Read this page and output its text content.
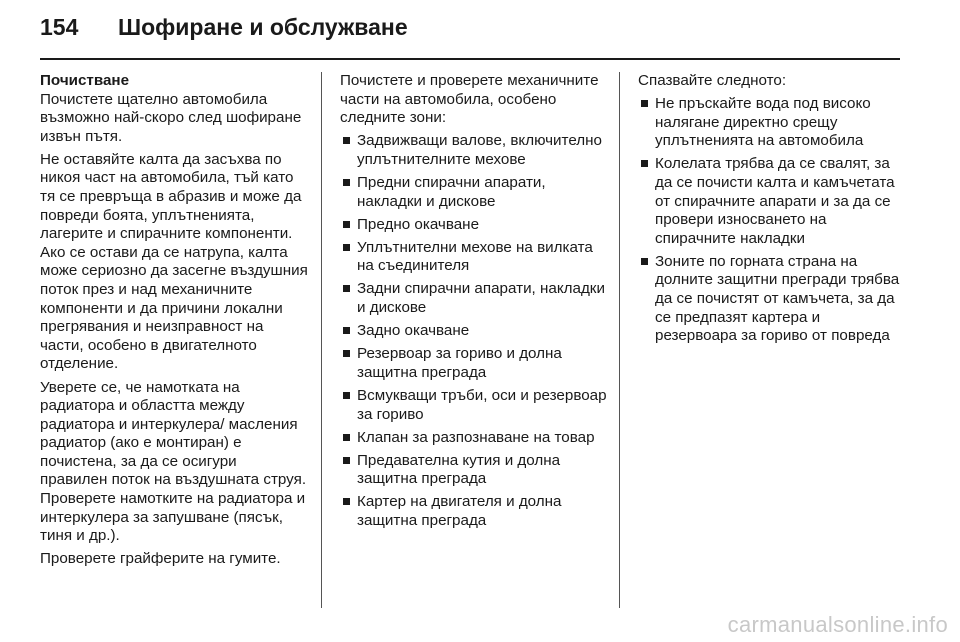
154	Шофиране и обслужване
Почистване

Почистете щателно автомобила възможно най-скоро след шофиране извън пътя.

Не оставяйте калта да засъхва по никоя част на автомобила, тъй като тя се превръща в абразив и може да повреди боята, уплътненията, лагерите и спирачните компоненти. Ако се остави да се натрупа, калта може сериозно да засегне въздушния поток през и над механичните компоненти и да причини локални прегрявания и неизправност на части, особено в двигателното отделение.

Уверете се, че намотката на радиатора и областта между радиатора и интеркулера/ масления радиатор (ако е монтиран) е почистена, за да се осигури правилен поток на въздушната струя. Проверете намотките на радиатора и интеркулера за запушване (пясък, тиня и др.).

Проверете грайферите на гумите.

Почистете и проверете механичните части на автомобила, особено следните зони:

Задвижващи валове, включително уплътнителните мехове
Предни спирачни апарати, накладки и дискове
Предно окачване
Уплътнителни мехове на вилката на съединителя
Задни спирачни апарати, накладки и дискове
Задно окачване
Резервоар за гориво и долна защитна преграда
Всмукващи тръби, оси и резервоар за гориво
Клапан за разпознаване на товар
Предавателна кутия и долна защитна преграда
Картер на двигателя и долна защитна преграда

Спазвайте следното:

Не пръскайте вода под високо налягане директно срещу уплътненията на автомобила
Колелата трябва да се свалят, за да се почисти калта и камъчетата от спирачните апарати и за да се провери износването на спирачните накладки
Зоните по горната страна на долните защитни прегради трябва да се почистят от камъчета, за да се предпазят картера и резервоара за гориво от повреда
carmanualsonline.info
